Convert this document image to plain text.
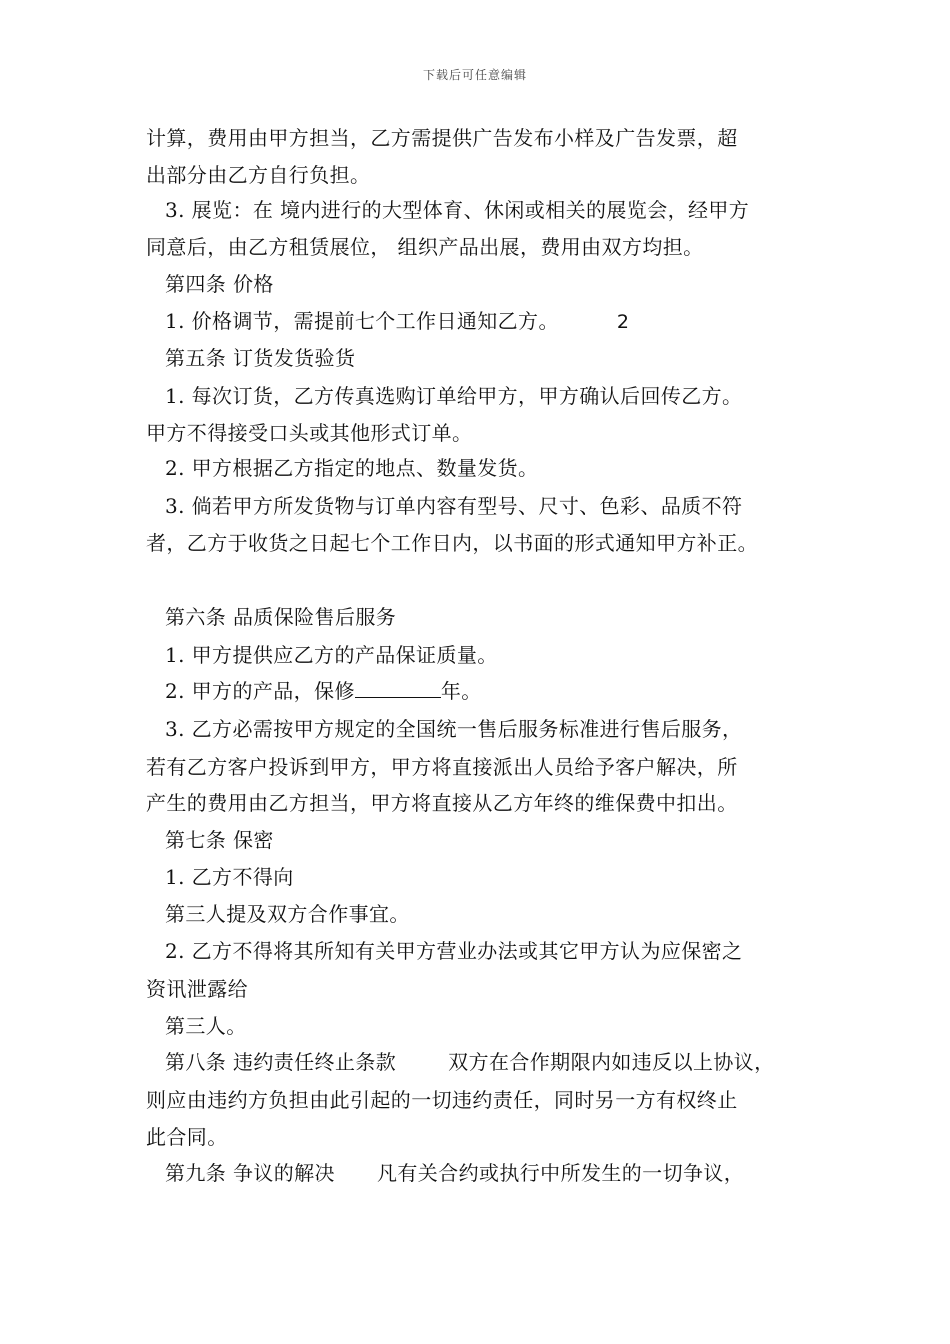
下载后可任意编辑
计算，费用由甲方担当，乙方需提供广告发布小样及广告发票，超
出部分由乙方自行负担。
3. 展览：在 境内进行的大型体育、休闲或相关的展览会，经甲方
同意后，由乙方租赁展位， 组织产品出展，费用由双方均担。
第四条 价格
1. 价格调节，需提前七个工作日通知乙方。	2
第五条 订货发货验货
1. 每次订货，乙方传真选购订单给甲方，甲方确认后回传乙方。
甲方不得接受口头或其他形式订单。
2. 甲方根据乙方指定的地点、数量发货。
3. 倘若甲方所发货物与订单内容有型号、尺寸、色彩、品质不符
者，乙方于收货之日起七个工作日内，以书面的形式通知甲方补正。
第六条 品质保险售后服务
1. 甲方提供应乙方的产品保证质量。
2. 甲方的产品，保修	年。
3. 乙方必需按甲方规定的全国统一售后服务标准进行售后服务，
若有乙方客户投诉到甲方，甲方将直接派出人员给予客户解决，所
产生的费用由乙方担当，甲方将直接从乙方年终的维保费中扣出。
第七条 保密
1. 乙方不得向
第三人提及双方合作事宜。
2. 乙方不得将其所知有关甲方营业办法或其它甲方认为应保密之
资讯泄露给
第三人。
第八条 违约责任终止条款	双方在合作期限内如违反以上协议，
则应由违约方负担由此引起的一切违约责任，同时另一方有权终止
此合同。
第九条 争议的解决 凡有关合约或执行中所发生的一切争议，
